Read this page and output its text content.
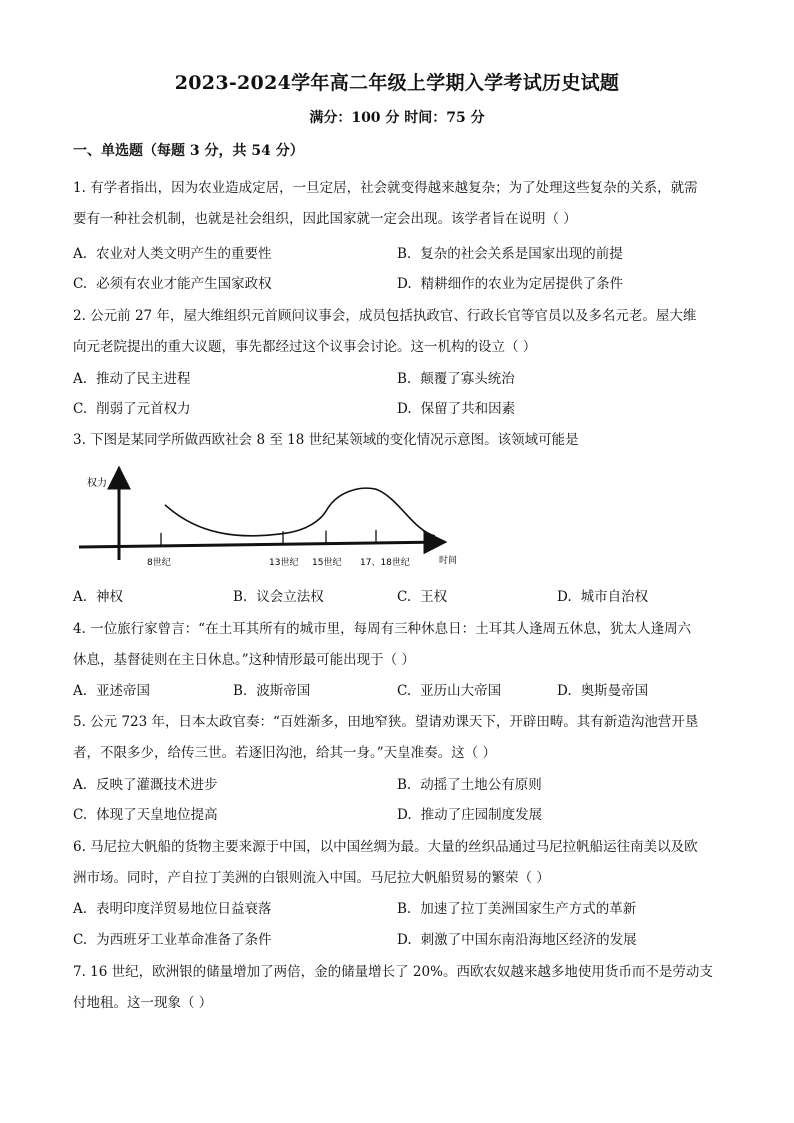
2023-2024学年高二年级上学期入学考试历史试题
满分：100 分 时间：75 分
一、单选题（每题 3 分，共 54 分）
1. 有学者指出，因为农业造成定居，一旦定居，社会就变得越来越复杂；为了处理这些复杂的关系，就需
要有一种社会机制，也就是社会组织，因此国家就一定会出现。该学者旨在说明（ ）
A. 农业对人类文明产生的重要性	B. 复杂的社会关系是国家出现的前提
C. 必须有农业才能产生国家政权	D. 精耕细作的农业为定居提供了条件
2. 公元前 27 年，屋大维组织元首顾问议事会，成员包括执政官、行政长官等官员以及多名元老。屋大维
向元老院提出的重大议题，事先都经过这个议事会讨论。这一机构的设立（ ）
A. 推动了民主进程	B. 颠覆了寡头统治
C. 削弱了元首权力	D. 保留了共和因素
3. 下图是某同学所做西欧社会 8 至 18 世纪某领域的变化情况示意图。该领域可能是
权力
8世纪	13世纪 15世纪 17、18世纪	时间
A. 神权	B. 议会立法权	C. 王权	D. 城市自治权
4. 一位旅行家曾言：“在土耳其所有的城市里，每周有三种休息日：土耳其人逢周五休息，犹太人逢周六
休息，基督徒则在主日休息。”这种情形最可能出现于（ ）
A. 亚述帝国	B. 波斯帝国	C. 亚历山大帝国	D. 奥斯曼帝国
5. 公元 723 年，日本太政官奏：“百姓渐多，田地窄狭。望请劝课天下，开辟田畴。其有新造沟池营开垦
者，不限多少，给传三世。若逐旧沟池，给其一身。”天皇准奏。这（ ）
A. 反映了灌溉技术进步	B. 动摇了土地公有原则
C. 体现了天皇地位提高	D. 推动了庄园制度发展
6. 马尼拉大帆船的货物主要来源于中国，以中国丝绸为最。大量的丝织品通过马尼拉帆船运往南美以及欧
洲市场。同时，产自拉丁美洲的白银则流入中国。马尼拉大帆船贸易的繁荣（ ）
A. 表明印度洋贸易地位日益衰落	B. 加速了拉丁美洲国家生产方式的革新
C. 为西班牙工业革命准备了条件	D. 刺激了中国东南沿海地区经济的发展
7. 16 世纪，欧洲银的储量增加了两倍，金的储量增长了 20%。西欧农奴越来越多地使用货币而不是劳动支
付地租。这一现象（ ）
